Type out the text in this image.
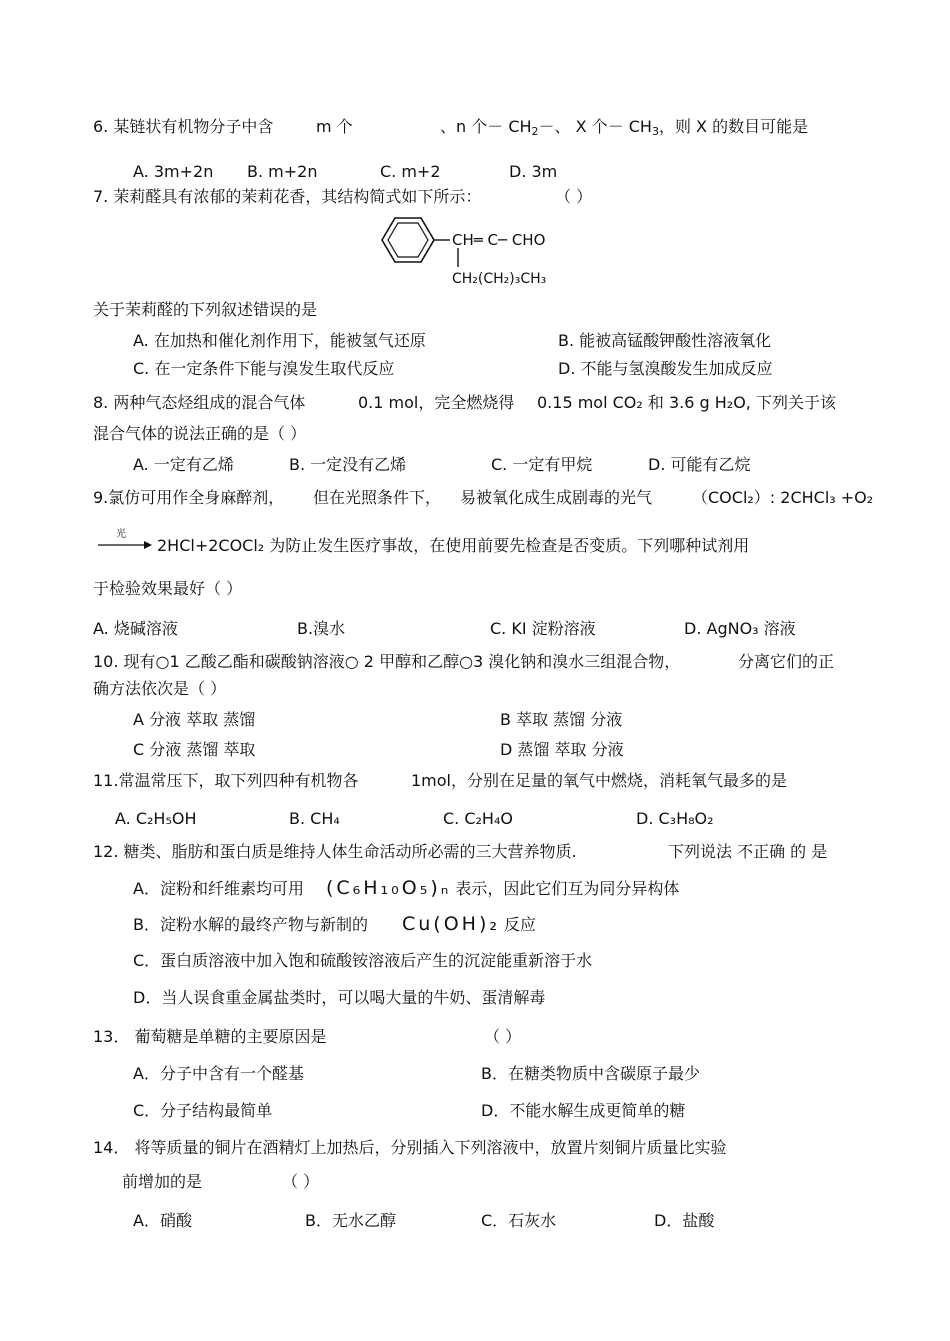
6. 某链状有机物分子中含	m 个	、n 个－ $CH_2-$、 X 个－ $CH_3$，则 X 的数目可能是
A. 3m+2n B. m+2n	C. m+2	D. 3m
7. 茉莉醛具有浓郁的茉莉花香，其结构简式如下所示：	（ ）
CH═ C─ CHO
CH₂(CH₂)₃CH₃
关于茉莉醛的下列叙述错误的是
A. 在加热和催化剂作用下，能被氢气还原	B. 能被高锰酸钾酸性溶液氧化
C. 在一定条件下能与溴发生取代反应	D. 不能与氢溴酸发生加成反应
8. 两种气态烃组成的混合气体	0.1 mol，完全燃烧得 0.15 mol CO₂ 和 3.6 g H₂O, 下列关于该
混合气体的说法正确的是（ ）
A. 一定有乙烯	B. 一定没有乙烯	C. 一定有甲烷	D. 可能有乙烷
9.氯仿可用作全身麻醉剂， 但在光照条件下， 易被氧化成生成剧毒的光气 （COCl₂）: 2CHCl₃ +O₂
光
2HCl+2COCl₂ 为防止发生医疗事故，在使用前要先检查是否变质。下列哪种试剂用
于检验效果最好（ ）
A. 烧碱溶液	B.溴水	C. KI 淀粉溶液	D. AgNO₃ 溶液
10. 现有○1 乙酸乙酯和碳酸钠溶液○ 2 甲醇和乙醇○3 溴化钠和溴水三组混合物，	分离它们的正
确方法依次是（ ）
A 分液 萃取 蒸馏	B 萃取 蒸馏 分液
C 分液 蒸馏 萃取	D 蒸馏 萃取 分液
11.常温常压下，取下列四种有机物各	1mol，分别在足量的氧气中燃烧，消耗氧气最多的是
A. C₂H₅OH	B. CH₄	C. C₂H₄O	D. C₃H₈O₂
12. 糖类、脂肪和蛋白质是维持人体生命活动所必需的三大营养物质.	下列说法 不正确 的 是
A．淀粉和纤维素均可用 (C₆H₁₀O₅)ₙ 表示，因此它们互为同分异构体
B．淀粉水解的最终产物与新制的 Cu(OH)₂ 反应
C．蛋白质溶液中加入饱和硫酸铵溶液后产生的沉淀能重新溶于水
D．当人误食重金属盐类时，可以喝大量的牛奶、蛋清解毒
13． 葡萄糖是单糖的主要原因是	（ ）
A．分子中含有一个醛基	B．在糖类物质中含碳原子最少
C．分子结构最简单	D．不能水解生成更简单的糖
14． 将等质量的铜片在酒精灯上加热后，分别插入下列溶液中，放置片刻铜片质量比实验
前增加的是	（ ）
A．硝酸	B．无水乙醇	C．石灰水	D．盐酸
